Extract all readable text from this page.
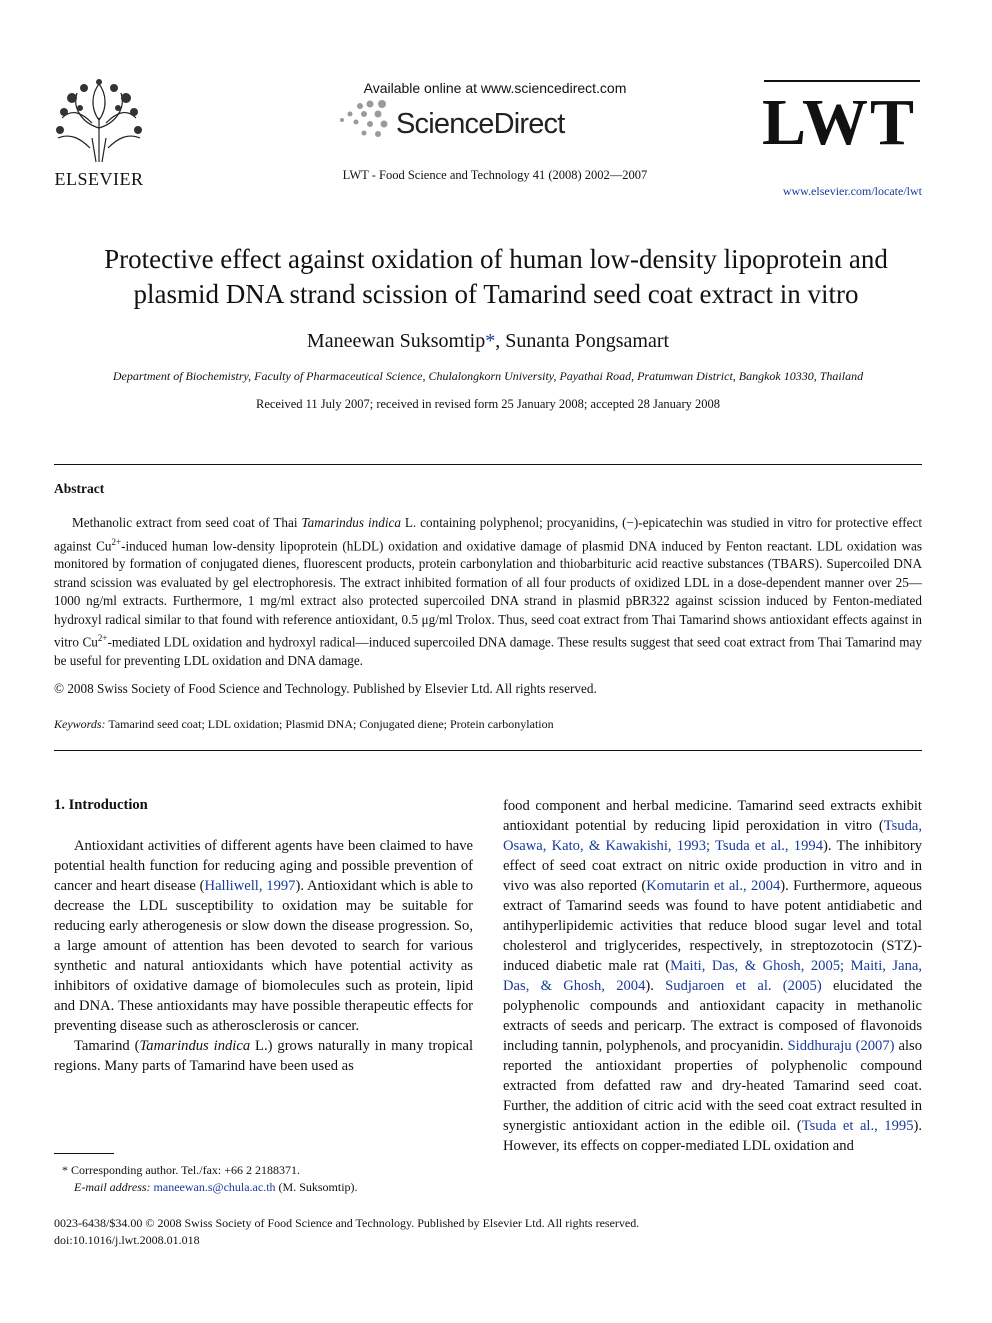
ELSEVIER
Available online at www.sciencedirect.com
ScienceDirect
LWT - Food Science and Technology 41 (2008) 2002—2007
LWT
www.elsevier.com/locate/lwt
Protective effect against oxidation of human low-density lipoprotein and
plasmid DNA strand scission of Tamarind seed coat extract in vitro
Maneewan Suksomtip*, Sunanta Pongsamart
Department of Biochemistry, Faculty of Pharmaceutical Science, Chulalongkorn University, Payathai Road, Pratumwan District, Bangkok 10330, Thailand
Received 11 July 2007; received in revised form 25 January 2008; accepted 28 January 2008
Abstract

Methanolic extract from seed coat of Thai Tamarindus indica L. containing polyphenol; procyanidins, (−)-epicatechin was studied in vitro for protective effect against $Cu^{2+}$-induced human low-density lipoprotein (hLDL) oxidation and oxidative damage of plasmid DNA induced by Fenton reactant. LDL oxidation was monitored by formation of conjugated dienes, fluorescent products, protein carbonylation and thiobarbituric acid reactive substances (TBARS). Supercoiled DNA strand scission was evaluated by gel electrophoresis. The extract inhibited formation of all four products of oxidized LDL in a dose-dependent manner over 25—1000 ng/ml extracts. Furthermore, 1 mg/ml extract also protected supercoiled DNA strand in plasmid pBR322 against scission induced by Fenton-mediated hydroxyl radical similar to that found with reference antioxidant, 0.5 μg/ml Trolox. Thus, seed coat extract from Thai Tamarind shows antioxidant effects against in vitro $Cu^{2+}$-mediated LDL oxidation and hydroxyl radical—induced supercoiled DNA damage. These results suggest that seed coat extract from Thai Tamarind may be useful for preventing LDL oxidation and DNA damage.

© 2008 Swiss Society of Food Science and Technology. Published by Elsevier Ltd. All rights reserved.
Keywords: Tamarind seed coat; LDL oxidation; Plasmid DNA; Conjugated diene; Protein carbonylation
1. Introduction

Antioxidant activities of different agents have been claimed to have potential health function for reducing aging and possible prevention of cancer and heart disease (Halliwell, 1997). Antioxidant which is able to decrease the LDL susceptibility to oxidation may be suitable for reducing early atherogenesis or slow down the disease progression. So, a large amount of attention has been devoted to search for various synthetic and natural antioxidants which have potential activity as inhibitors of oxidative damage of biomolecules such as protein, lipid and DNA. These antioxidants may have possible therapeutic effects for preventing disease such as atherosclerosis or cancer.

Tamarind (Tamarindus indica L.) grows naturally in many tropical regions. Many parts of Tamarind have been used as

food component and herbal medicine. Tamarind seed extracts exhibit antioxidant potential by reducing lipid peroxidation in vitro (Tsuda, Osawa, Kato, & Kawakishi, 1993; Tsuda et al., 1994). The inhibitory effect of seed coat extract on nitric oxide production in vitro and in vivo was also reported (Komutarin et al., 2004). Furthermore, aqueous extract of Tamarind seeds was found to have potent antidiabetic and antihyperlipidemic activities that reduce blood sugar level and total cholesterol and triglycerides, respectively, in streptozotocin (STZ)-induced diabetic male rat (Maiti, Das, & Ghosh, 2005; Maiti, Jana, Das, & Ghosh, 2004). Sudjaroen et al. (2005) elucidated the polyphenolic compounds and antioxidant capacity in methanolic extracts of seeds and pericarp. The extract is composed of flavonoids including tannin, polyphenols, and procyanidin. Siddhuraju (2007) also reported the antioxidant properties of polyphenolic compound extracted from defatted raw and dry-heated Tamarind seed coat. Further, the addition of citric acid with the seed coat extract resulted in synergistic antioxidant action in the edible oil. (Tsuda et al., 1995). However, its effects on copper-mediated LDL oxidation and

* Corresponding author. Tel./fax: +66 2 2188371.
E-mail address: maneewan.s@chula.ac.th (M. Suksomtip).
0023-6438/$34.00 © 2008 Swiss Society of Food Science and Technology. Published by Elsevier Ltd. All rights reserved.
doi:10.1016/j.lwt.2008.01.018
